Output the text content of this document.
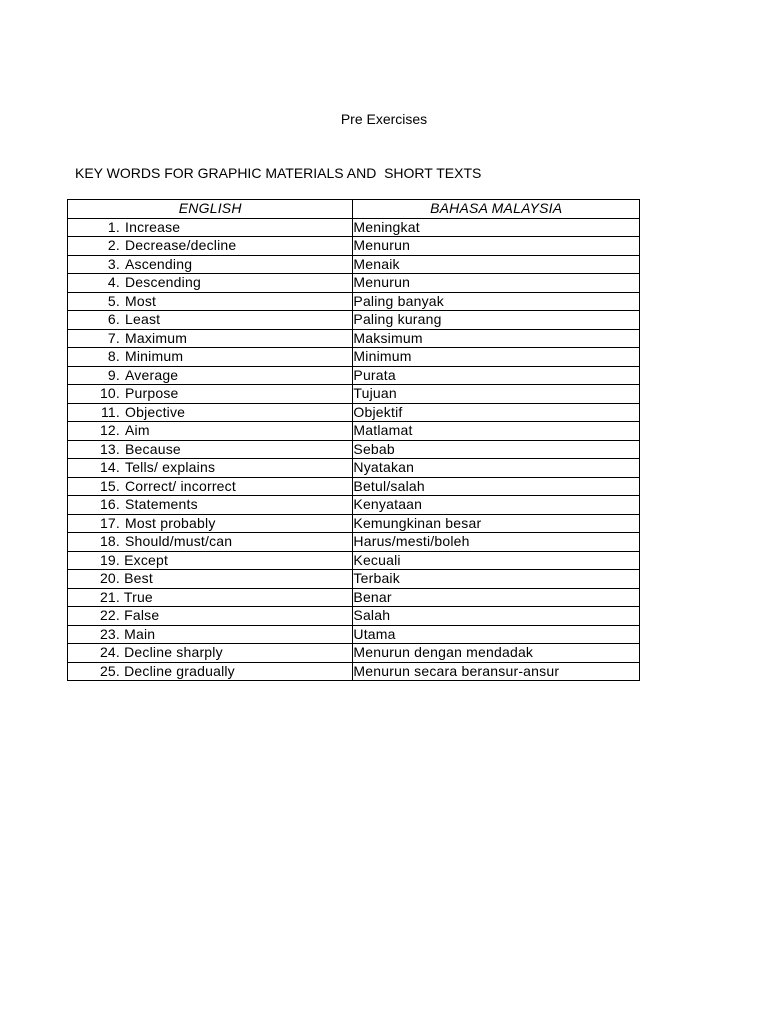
Pre Exercises
KEY WORDS FOR GRAPHIC MATERIALS AND  SHORT TEXTS
ENGLISH	BAHASA MALAYSIA
1. Increase	Meningkat
2. Decrease/decline	Menurun
3. Ascending	Menaik
4. Descending	Menurun
5. Most	Paling banyak
6. Least	Paling kurang
7. Maximum	Maksimum
8. Minimum	Minimum
9. Average	Purata
10. Purpose	Tujuan
11. Objective	Objektif
12. Aim	Matlamat
13. Because	Sebab
14. Tells/ explains	Nyatakan
15. Correct/ incorrect	Betul/salah
16. Statements	Kenyataan
17. Most probably	Kemungkinan besar
18. Should/must/can	Harus/mesti/boleh
19. Except	Kecuali
20. Best	Terbaik
21. True	Benar
22. False	Salah
23. Main	Utama
24. Decline sharply	Menurun dengan mendadak
25. Decline gradually	Menurun secara beransur-ansur
